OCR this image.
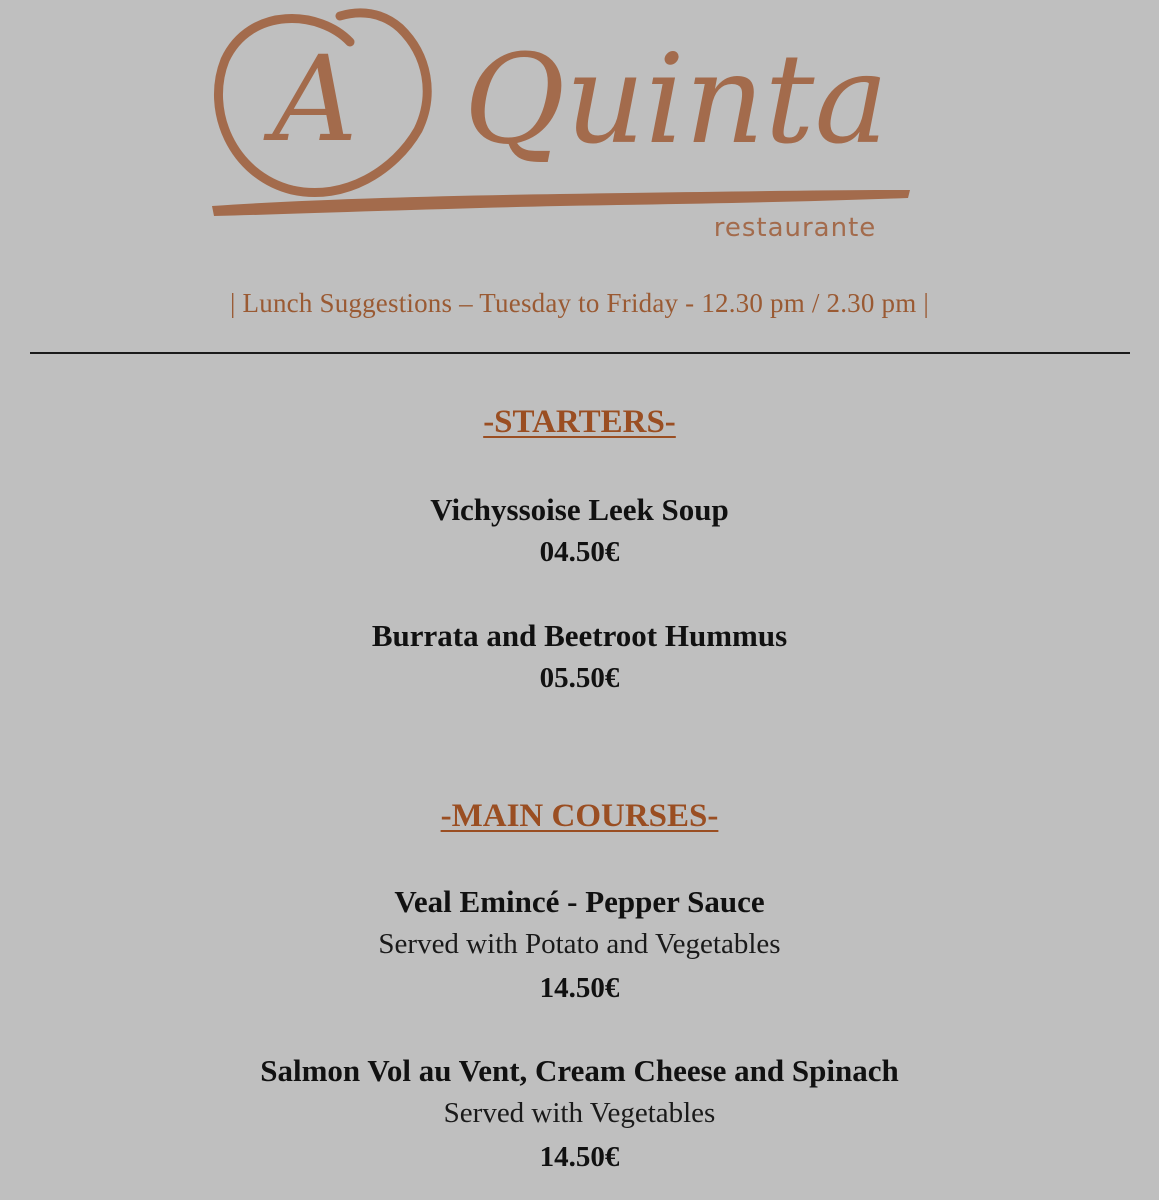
A Quinta
restaurante
| Lunch Suggestions – Tuesday to Friday - 12.30 pm / 2.30 pm |
-STARTERS-
Vichyssoise Leek Soup
04.50€
Burrata and Beetroot Hummus
05.50€
-MAIN COURSES-
Veal Emincé - Pepper Sauce
Served with Potato and Vegetables
14.50€
Salmon Vol au Vent, Cream Cheese and Spinach
Served with Vegetables
14.50€
